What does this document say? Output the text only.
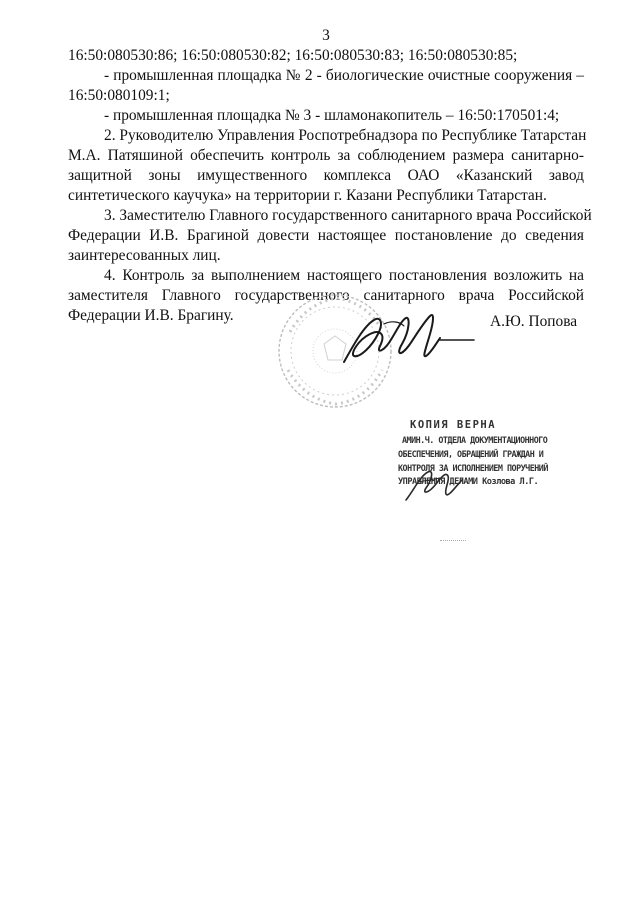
3
16:50:080530:86; 16:50:080530:82; 16:50:080530:83; 16:50:080530:85;
- промышленная площадка № 2 - биологические очистные сооружения –
16:50:080109:1;
- промышленная площадка № 3 - шламонакопитель – 16:50:170501:4;
2. Руководителю Управления Роспотребнадзора по Республике Татарстан
М.А. Патяшиной обеспечить контроль за соблюдением размера санитарно-
защитной зоны имущественного комплекса ОАО «Казанский завод
синтетического каучука» на территории г. Казани Республики Татарстан.
3. Заместителю Главного государственного санитарного врача Российской
Федерации И.В. Брагиной довести настоящее постановление до сведения
заинтересованных лиц.
4. Контроль за выполнением настоящего постановления возложить на
заместителя Главного государственного санитарного врача Российской
Федерации И.В. Брагину.	А.Ю. Попова
КОПИЯ ВЕРНА
АМИН.Ч. ОТДЕЛА ДОКУМЕНТАЦИОННОГО
ОБЕСПЕЧЕНИЯ, ОБРАЩЕНИЙ ГРАЖДАН И
КОНТРОЛЯ ЗА ИСПОЛНЕНИЕМ ПОРУЧЕНИЙ
УПРАВЛЕНИЯ ДЕЛАМИ Козлова Л.Г.
